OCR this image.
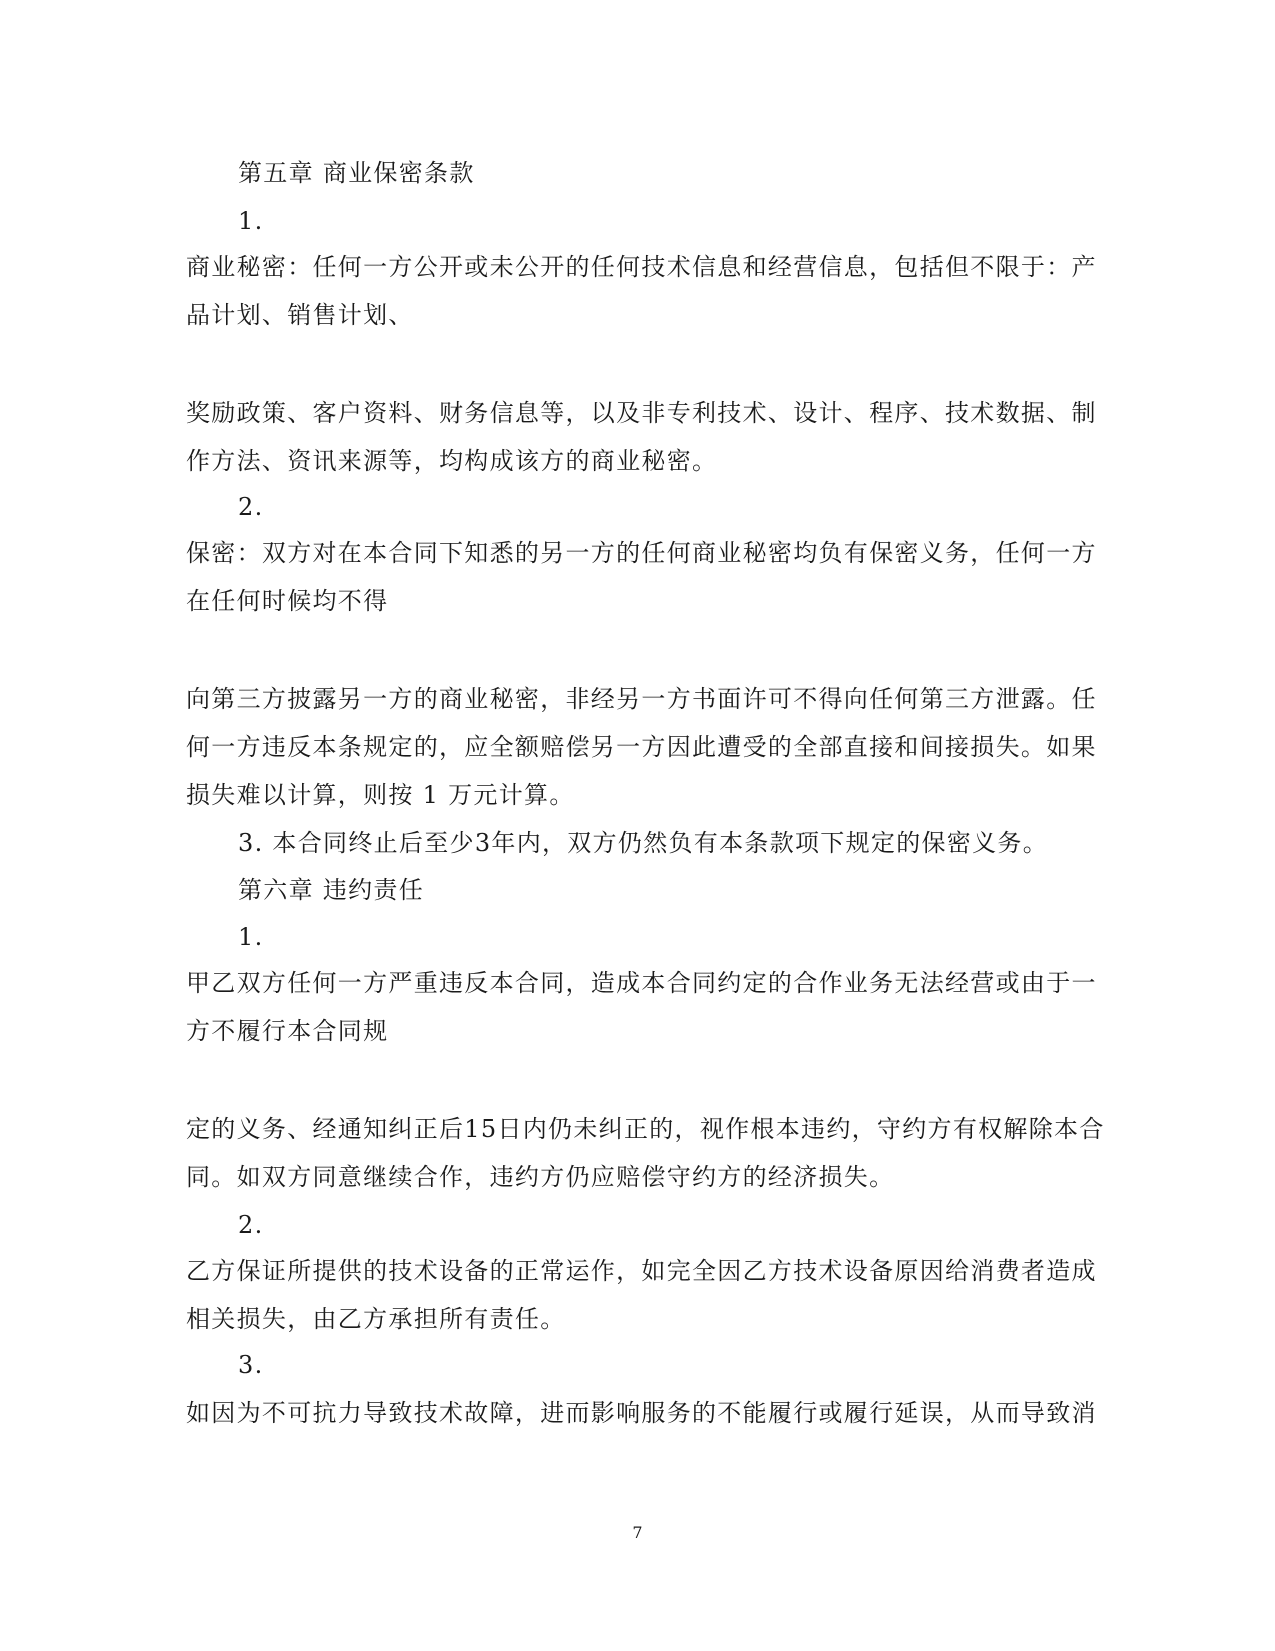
第五章 商业保密条款
1.
商业秘密：任何一方公开或未公开的任何技术信息和经营信息，包括但不限于：产
品计划、销售计划、
奖励政策、客户资料、财务信息等，以及非专利技术、设计、程序、技术数据、制
作方法、资讯来源等，均构成该方的商业秘密。
2.
保密：双方对在本合同下知悉的另一方的任何商业秘密均负有保密义务，任何一方
在任何时候均不得
向第三方披露另一方的商业秘密，非经另一方书面许可不得向任何第三方泄露。任
何一方违反本条规定的，应全额赔偿另一方因此遭受的全部直接和间接损失。如果
损失难以计算，则按 1 万元计算。
3. 本合同终止后至少3年内，双方仍然负有本条款项下规定的保密义务。
第六章 违约责任
1.
甲乙双方任何一方严重违反本合同，造成本合同约定的合作业务无法经营或由于一
方不履行本合同规
定的义务、经通知纠正后15日内仍未纠正的，视作根本违约，守约方有权解除本合
同。如双方同意继续合作，违约方仍应赔偿守约方的经济损失。
2.
乙方保证所提供的技术设备的正常运作，如完全因乙方技术设备原因给消费者造成
相关损失，由乙方承担所有责任。
3.
如因为不可抗力导致技术故障，进而影响服务的不能履行或履行延误，从而导致消
7
